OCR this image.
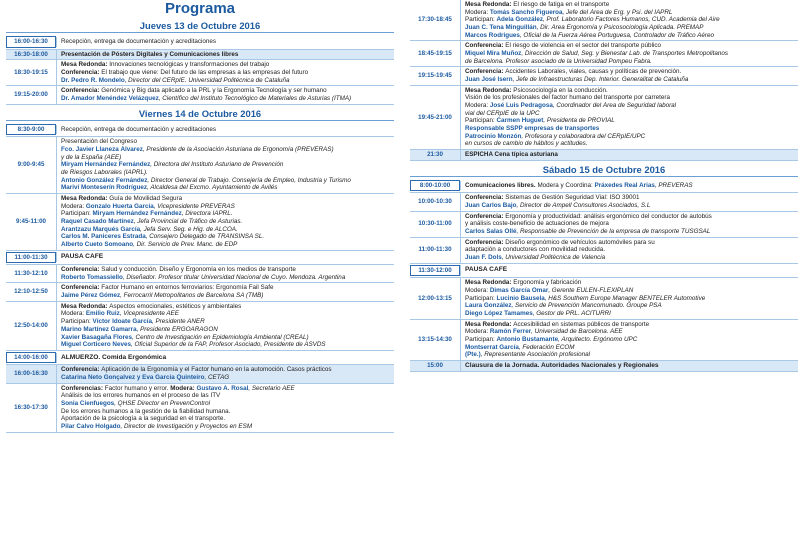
Programa
Jueves 13 de Octubre 2016
16:00-16:30	Recepción, entrega de documentación y acreditaciones
16:30-18:00	Presentación de Pósters Digitales y Comunicaciones libres
18:30-19:15
Mesa Redonda: Innovaciones tecnológicas y transformaciones del trabajo
Conferencia: El trabajo que viene: Del futuro de las empresas a las empresas del futuro
Dr. Pedro R. Mondelo, Director del CERpIE. Universidad Politécnica de Cataluña
19:15-20:00
Conferencia: Genómica y Big data aplicado a la PRL y la Ergonomía Tecnología y ser humano
Dr. Amador Menéndez Velázquez, Científico del Instituto Tecnológico de Materiales de Asturias (ITMA)
Viernes 14 de Octubre 2016
8:30-9:00	Recepción, entrega de documentación y acreditaciones
9:00-9:45
Presentación del Congreso
Fco. Javier Llaneza Álvarez, Presidente de la Asociación Asturiana de Ergonomía (PREVERAS)
y de la España (AEE)
Miryam Hernández Fernández, Directora del Instituto Asturiano de Prevención
de Riesgos Laborales (IAPRL).
Antonio González Fernández, Director General de Trabajo. Consejería de Empleo, Industria y Turismo
Mariví Monteserín Rodríguez, Alcaldesa del Excmo. Ayuntamiento de Avilés
9:45-11:00
Mesa Redonda: Guía de Movilidad Segura
Modera: Gonzalo Huerta García, Vicepresidente PREVERAS
Participan: Miryam Hernández Fernández, Directora IAPRL.
Raquel Casado Martínez, Jefa Provincial de Tráfico de Asturias.
Arantzazu Marqués García, Jefa Serv. Seg. e Hig. de ALCOA.
Carlos M. Paniceres Estrada, Consejero Delegado de TRANSINSA SL.
Alberto Cueto Somoano, Dir. Servicio de Prev. Manc. de EDP
11:00-11:30	PAUSA CAFÉ
11:30-12:10
Conferencia: Salud y conducción. Diseño y Ergonomía en los medios de transporte
Roberto Tomassiello, Diseñador. Profesor titular Universidad Nacional de Cuyo. Mendoza. Argentina
12:10-12:50
Conferencia: Factor Humano en entornos ferroviarios: Ergonomía Fail Safe
Jaime Pérez Gómez, Ferrocarril Metropolitanos de Barcelona SA (TMB)
12:50-14:00
Mesa Redonda: Aspectos emocionales, estéticos y ambientales
Modera: Emilio Ruiz, Vicepresidente AEE
Participan: Víctor Idoate García, Presidente ANER
Marino Martínez Gamarra, Presidente ERGOARAGON
Xavier Basagaña Flores, Centro de Investigación en Epidemiología Ambiental (CREAL)
Miguel Corticero Neves, Oficial Superior de la FAP, Profesor Asociado, Presidente de ASVDS
14:00-16:00	ALMUERZO. Comida Ergonómica
16:00-16:30
Conferencia: Aplicación de la Ergonomía y el Factor humano en la automoción. Casos prácticos
Catarina Neto Gonçalvez y Eva García Quinteiro, CETAG
16:30-17:30
Conferencias: Factor humano y error. Modera: Gustavo A. Rosal, Secretario AEE
Análisis de los errores humanos en el proceso de las ITV
Sonia Cienfuegos, QHSE Director en PrevenControl
De los errores humanos a la gestión de la fiabilidad humana.
Aportación de la psicología a la seguridad en el transporte.
Pilar Calvo Holgado, Director de Investigación y Proyectos en ESM
17:30-18:45
Mesa Redonda: El riesgo de fatiga en el transporte
Modera: Tomás Sancho Figueroa, Jefe del Área de Erg. y Psi. del IAPRL
Participan: Adela González, Prof. Laboratorio Factores Humanos, CUD. Academia del Aire
Juan C. Tena Minguillán, Dir. Área Ergonomía y Psicosociología Aplicada. PREMAP
Marcos Rodrigues, Oficial de la Fuerza Aérea Portuguesa, Controlador de Tráfico Aéreo
18:45-19:15
Conferencia: El riesgo de violencia en el sector del transporte público
Miquel Mira Muñoz, Dirección de Salud, Seg. y Bienestar Lab. de Transportes Metropolitanos
de Barcelona. Profesor asociado de la Universidad Pompeu Fabra.
19:15-19:45
Conferencia: Accidentes Laborales, viales, causas y políticas de prevención.
Juan José Isern, Jefe de Infraestructuras Dep. Interior. Generalitat de Cataluña
19:45-21:00
Mesa Redonda: Psicosociología en la conducción.
Visión de los profesionales del factor humano del transporte por carretera
Modera: José Luis Pedragosa, Coordinador del Área de Seguridad laboral
vial del CERpIE de la UPC
Participan: Carmen Huguet, Presidenta de PROVIAL
Responsable SSPP empresas de transportes
Patrocinio Monzón, Profesora y colaboradora del CERpIE/UPC
en cursos de cambio de hábitos y actitudes.
21:30	ESPICHA Cena típica asturiana
Sábado 15 de Octubre 2016
8:00-10:00	Comunicaciones libres. Modera y Coordina: Práxedes Real Arias, PREVERAS
10:00-10:30
Conferencia: Sistemas de Gestión Seguridad Vial: ISO 39001
Juan Carlos Bajo, Director de Ampell Consultores Asociados, S.L
10:30-11:00
Conferencia: Ergonomía y productividad: análisis ergonómico del conductor de autobús
y análisis coste-beneficio de actuaciones de mejora
Carlos Salas Ollé, Responsable de Prevención de la empresa de transporte TUSGSAL
11:00-11:30
Conferencia: Diseño ergonómico de vehículos automóviles para su
adaptación a conductores con movilidad reducida.
Juan F. Dols, Universidad Politécnica de Valencia
11:30-12:00	PAUSA CAFÉ
12:00-13:15
Mesa Redonda: Ergonomía y fabricación
Modera: Dimas García Omar, Gerente EULEN-FLEXIPLAN
Participan: Lucinio Bausela, H&S Southern Europe Manager BENTELER Automotive
Laura González, Servicio de Prevención Mancomunado. Groupe PSA
Diego López Tamames, Gestor de PRL. ACITURRI
13:15-14:30
Mesa Redonda: Accesibilidad en sistemas públicos de transporte
Modera: Ramón Ferrer, Universidad de Barcelona. AEE
Participan: Antonio Bustamante, Arquitecto. Ergónomo UPC
Montserrat García, Federación ECOM
(Pte.), Representante Asociación profesional
15:00	Clausura de la Jornada. Autoridades Nacionales y Regionales
